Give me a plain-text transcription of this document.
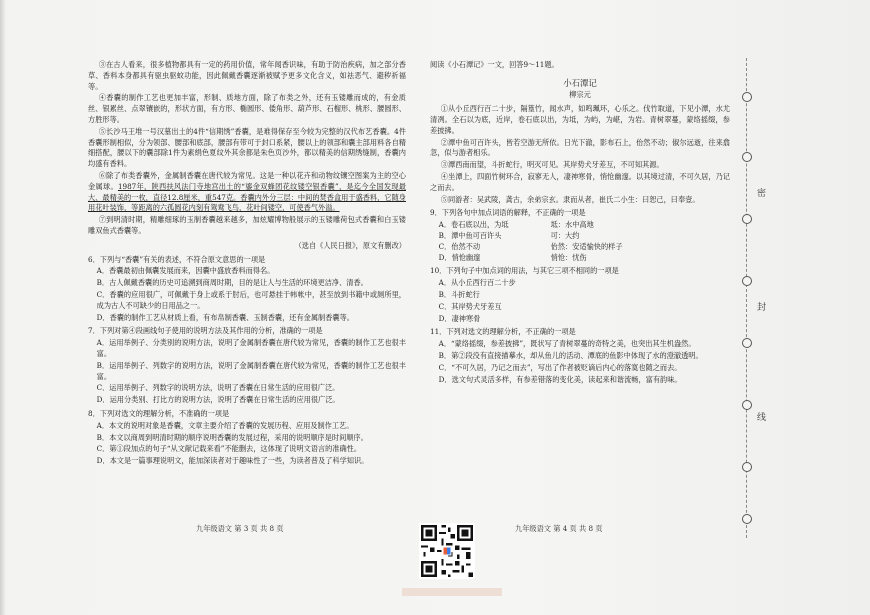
③在古人看来，很多植物都具有一定的药用价值，常年闻香识味，有助于防治疾病，加之部分香草、香料本身都具有驱虫驱蚊功能，因此佩戴香囊逐渐被赋予更多文化含义，如祛恶气、避秽祈福等。

④香囊的制作工艺也更加丰富，形制、质地方面，除了布类之外，还有玉镂雕而成的，有金质丝、银累丝、点翠镶嵌的，形状方面，有方形、椭圆形、倭角形、葫芦形、石榴形、桃形、腰圆形、方胜形等。

⑤长沙马王堆一号汉墓出土的4件“信期绣”香囊，是难得保存至今较为完整的汉代布艺香囊。4件香囊形制相似，分为领部、腰部和底部，腰部有带可于封口系紧，腰以上的领部和囊主部用料各自精细搭配，腰以下的囊部除1件为素绢色夏纹外其余都是朱色页沙外，都以精美的信期绣缝制，香囊内均盛有香料。

⑥除了布类香囊外，金属制香囊在唐代较为常见。这是一种以花卉和动物纹镶空图案为主的空心金属球。1987年，陕西扶风法门寺地宫出土的“鎏金双蜂团花纹镂空银香囊”，是迄今全国发现最大、最精美的一枚，直径12.8厘米，重547克。香囊内外分三层：中间的焚香盒用于盛香料，它随身用花叶装饰，等距离的六孤圆花内刻有鸳鸯飞鸟，花叶间镂空，可使香气外溢。

⑦到明清时期，精雕细琢的玉制香囊越来越多，加炫耀博物般展示的玉镂雕荷包式香囊和白玉镂雕双鱼式香囊等。

（选自《人民日报》，原文有删改）

6．下列与“香囊”有关的表述，不符合原文意思的一项是

A．香囊最初由佩囊发展而来，因囊中盛放香料而得名。

B．古人佩戴香囊的历史可追溯到商周时期，目的是让人与生活的环境更洁净、清香。

C．香囊的应用很广，可佩戴于身上或系于肘后，也可悬挂于帏帐中，甚至放到书籍中或厕所里，成为古人不可缺少的日用品之一。

D．香囊的制作工艺从材质上看，有布帛制香囊、玉制香囊，还有金属制香囊等。

7．下列对第④段画线句子使用的说明方法及其作用的分析，准确的一项是

A．运用举例子、分类别的说明方法，说明了金属制香囊在唐代较为常见，香囊的制作工艺也很丰富。

B．运用举例子、列数字的说明方法，说明了金属制香囊在唐代较为常见，香囊的制作工艺也很丰富。

C．运用举例子、列数字的说明方法，说明了香囊在日常生活的应用很广泛。

D．运用分类别、打比方的说明方法，说明了香囊在日常生活的应用很广泛。

8．下列对选文的理解分析，不准确的一项是

A．本文的说明对象是香囊，文章主要介绍了香囊的发展历程、应用及制作工艺。

B．本文以商周到明清时期的顺序说明香囊的发展过程，采用的说明顺序是时间顺序。

C．第①段加点的句子“从文献记载来看”不能删去，这体现了说明文语言的准确性。

D．本文是一篇事理说明文，能加深读者对于趣味性了一些，为读者普及了科学知识。

阅读《小石潭记》一文，回答9～11题。

小石潭记

柳宗元

①从小丘西行百二十步，隔篁竹，闻水声，如鸣珮环，心乐之。伐竹取道，下见小潭，水尤清冽。全石以为底，近岸，卷石底以出，为坻，为屿，为嵁，为岩。青树翠蔓，蒙络摇缀，参差披拂。

②潭中鱼可百许头，皆若空游无所依。日光下澈，影布石上，佁然不动；俶尔远逝，往来翕忽，似与游者相乐。

③潭西南而望，斗折蛇行，明灭可见。其岸势犬牙差互，不可知其源。

④坐潭上，四面竹树环合，寂寥无人，凄神寒骨，悄怆幽邃。以其境过清，不可久居，乃记之而去。

⑤同游者：吴武陵，龚古，余弟宗玄。隶而从者，崔氏二小生：曰恕己，曰奉壹。

9．下列各句中加点词语的解释，不正确的一项是

A．卷石底以出，为坻	坻：水中高地
B．潭中鱼可百许头	可：大约
C．佁然不动	佁然：安适愉快的样子
D．悄怆幽邃	悄怆：忧伤

10．下列句子中加点词的用法，与其它三项不相同的一项是

A．从小丘西行百二十步

B．斗折蛇行

C．其岸势犬牙差互

D．凄神寒骨

11．下列对选文的理解分析，不正确的一项是

A．“蒙络摇缀，参差披拂”，既状写了青树翠蔓的奇特之美，也突出其生机盎然。

B．第②段没有直接描摹水，却从鱼儿的活动、潭底的鱼影中体现了水的澄澈透明。

C．“不可久居，乃记之而去”，写出了作者被贬谪后内心的落寞也随之而去。

D．选文句式灵活多样，有参差错落的变化美，读起来和谐流畅，富有韵味。

九年级语文 第 3 页 共 8 页	九年级语文 第 4 页 共 8 页
密
封
线
